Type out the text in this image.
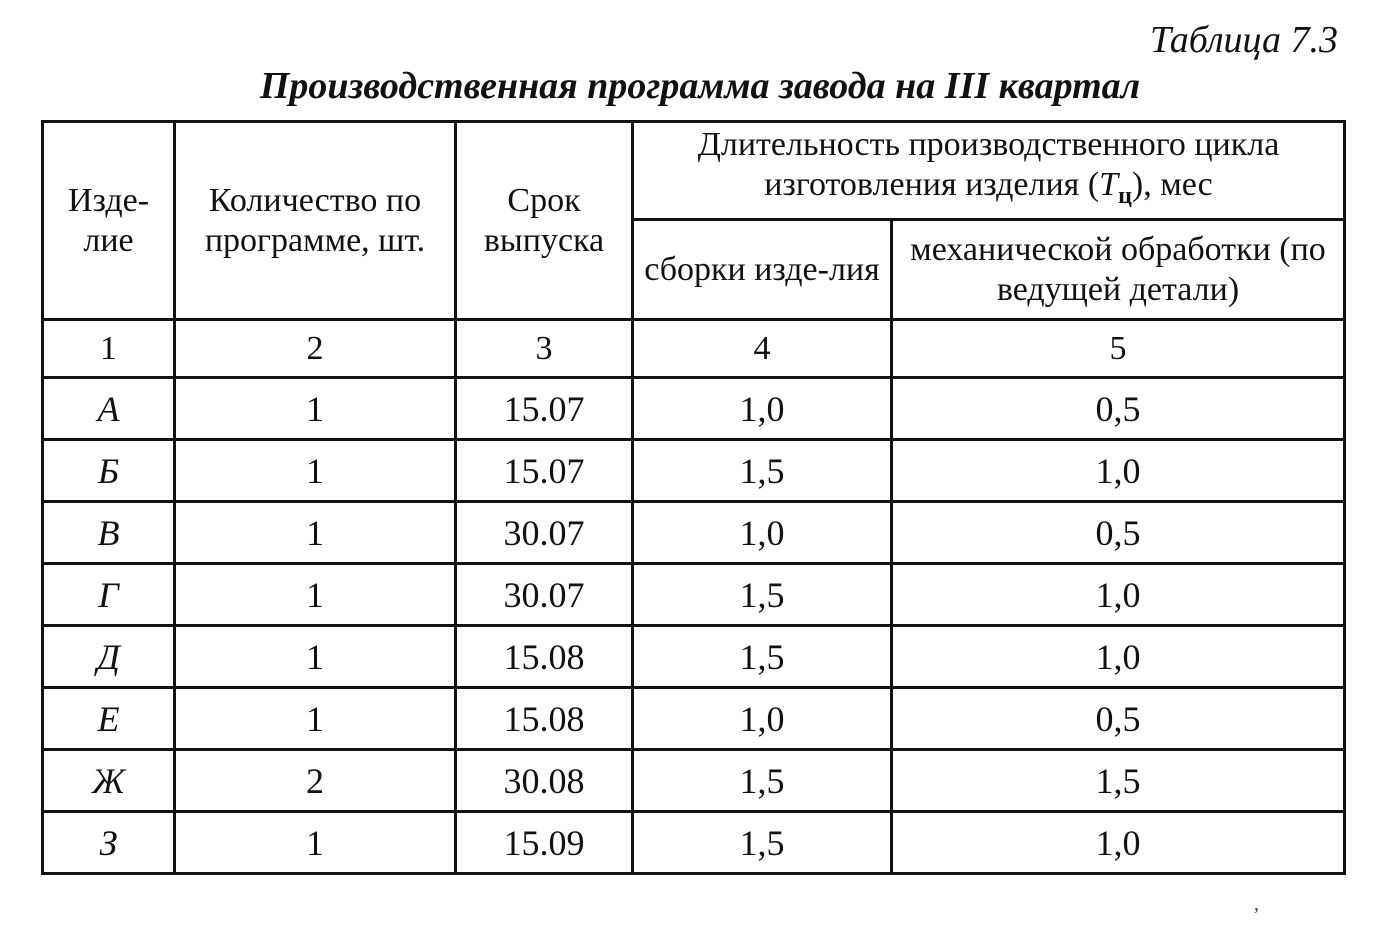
Таблица 7.3
Производственная программа завода на III квартал
Изде-лие	Количество по программе, шт.	Срок выпуска	Длительность производственного цикла изготовления изделия $(T_ц)$, мес	
			сборки изде-лия	механической обработки (по ведущей детали)
1	2	3	4	5
А	1	15.07	1,0	0,5
Б	1	15.07	1,5	1,0
В	1	30.07	1,0	0,5
Г	1	30.07	1,5	1,0
Д	1	15.08	1,5	1,0
Е	1	15.08	1,0	0,5
Ж	2	30.08	1,5	1,5
З	1	15.09	1,5	1,0
,
